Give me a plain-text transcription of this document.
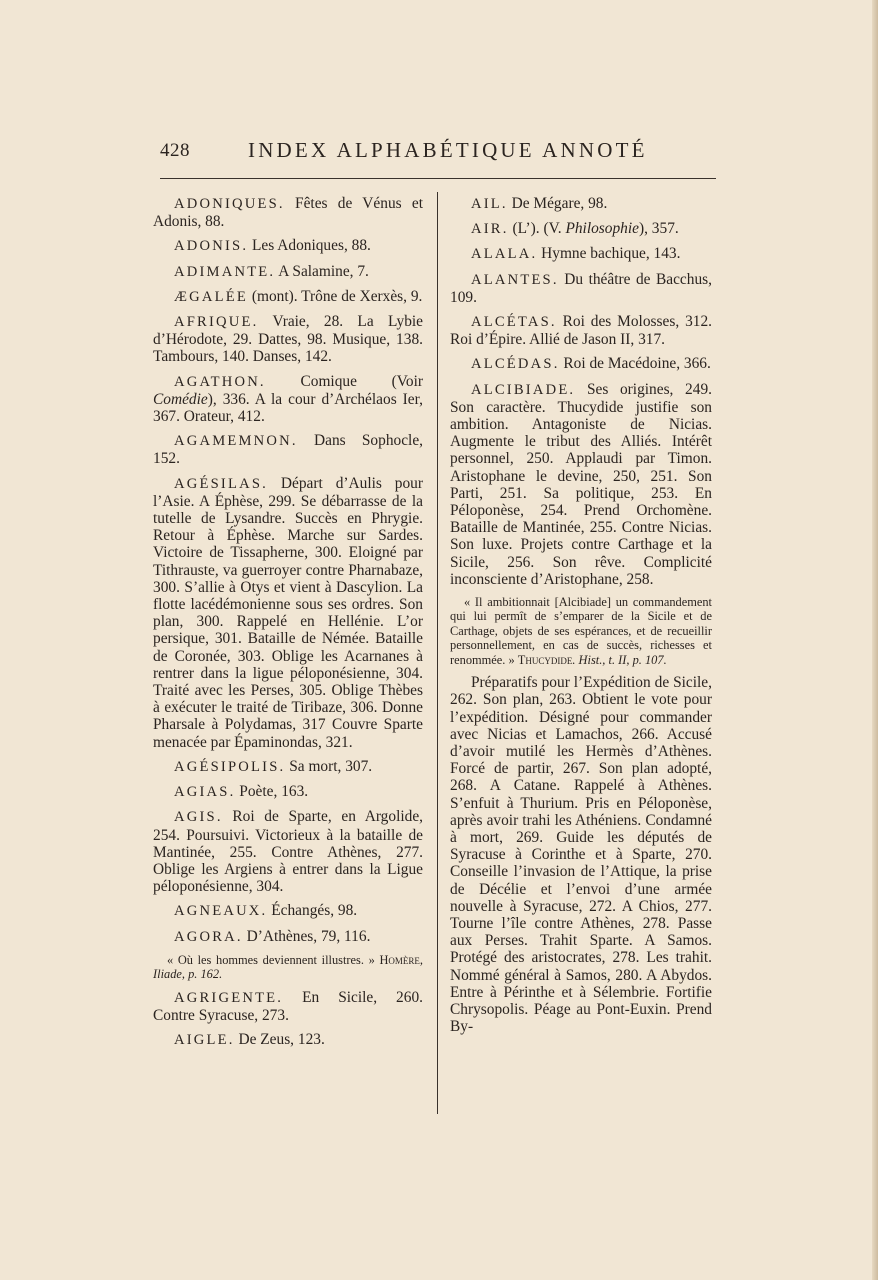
428	INDEX ALPHABÉTIQUE ANNOTÉ

ADONIQUES. Fêtes de Vénus et Adonis, 88.

ADONIS. Les Adoniques, 88.

ADIMANTE. A Salamine, 7.

ÆGALÉE (mont). Trône de Xerxès, 9.

AFRIQUE. Vraie, 28. La Lybie d’Hérodote, 29. Dattes, 98. Musique, 138. Tambours, 140. Danses, 142.

AGATHON. Comique (Voir Comédie), 336. A la cour d’Archélaos Ier, 367. Orateur, 412.

AGAMEMNON. Dans Sophocle, 152.

AGÉSILAS. Départ d’Aulis pour l’Asie. A Éphèse, 299. Se débarrasse de la tutelle de Lysandre. Succès en Phrygie. Retour à Éphèse. Marche sur Sardes. Victoire de Tissapherne, 300. Eloigné par Tithrauste, va guerroyer contre Pharnabaze, 300. S’allie à Otys et vient à Dascylion. La flotte lacédémonienne sous ses ordres. Son plan, 300. Rappelé en Hellénie. L’or persique, 301. Bataille de Némée. Bataille de Coronée, 303. Oblige les Acarnanes à rentrer dans la ligue péloponésienne, 304. Traité avec les Perses, 305. Oblige Thèbes à exécuter le traité de Tiribaze, 306. Donne Pharsale à Polydamas, 317 Couvre Sparte menacée par Épaminondas, 321.

AGÉSIPOLIS. Sa mort, 307.

AGIAS. Poète, 163.

AGIS. Roi de Sparte, en Argolide, 254. Poursuivi. Victorieux à la bataille de Mantinée, 255. Contre Athènes, 277. Oblige les Argiens à entrer dans la Ligue péloponésienne, 304.

AGNEAUX. Échangés, 98.

AGORA. D’Athènes, 79, 116.

« Où les hommes deviennent illustres. » Homère, Iliade, p. 162.

AGRIGENTE. En Sicile, 260. Contre Syracuse, 273.

AIGLE. De Zeus, 123.

AIL. De Mégare, 98.

AIR. (L’). (V. Philosophie), 357.

ALALA. Hymne bachique, 143.

ALANTES. Du théâtre de Bacchus, 109.

ALCÉTAS. Roi des Molosses, 312. Roi d’Épire. Allié de Jason II, 317.

ALCÉDAS. Roi de Macédoine, 366.

ALCIBIADE. Ses origines, 249. Son caractère. Thucydide justifie son ambition. Antagoniste de Nicias. Augmente le tribut des Alliés. Intérêt personnel, 250. Applaudi par Timon. Aristophane le devine, 250, 251. Son Parti, 251. Sa politique, 253. En Péloponèse, 254. Prend Orchomène. Bataille de Mantinée, 255. Contre Nicias. Son luxe. Projets contre Carthage et la Sicile, 256. Son rêve. Complicité inconsciente d’Aristophane, 258.

« Il ambitionnait [Alcibiade] un commandement qui lui permît de s’emparer de la Sicile et de Carthage, objets de ses espérances, et de recueillir personnellement, en cas de succès, richesses et renommée. » Thucydide. Hist., t. II, p. 107.

Préparatifs pour l’Expédition de Sicile, 262. Son plan, 263. Obtient le vote pour l’expédition. Désigné pour commander avec Nicias et Lamachos, 266. Accusé d’avoir mutilé les Hermès d’Athènes. Forcé de partir, 267. Son plan adopté, 268. A Catane. Rappelé à Athènes. S’enfuit à Thurium. Pris en Péloponèse, après avoir trahi les Athéniens. Condamné à mort, 269. Guide les députés de Syracuse à Corinthe et à Sparte, 270. Conseille l’invasion de l’Attique, la prise de Décélie et l’envoi d’une armée nouvelle à Syracuse, 272. A Chios, 277. Tourne l’île contre Athènes, 278. Passe aux Perses. Trahit Sparte. A Samos. Protégé des aristocrates, 278. Les trahit. Nommé général à Samos, 280. A Abydos. Entre à Périnthe et à Sélembrie. Fortifie Chrysopolis. Péage au Pont-Euxin. Prend By-
